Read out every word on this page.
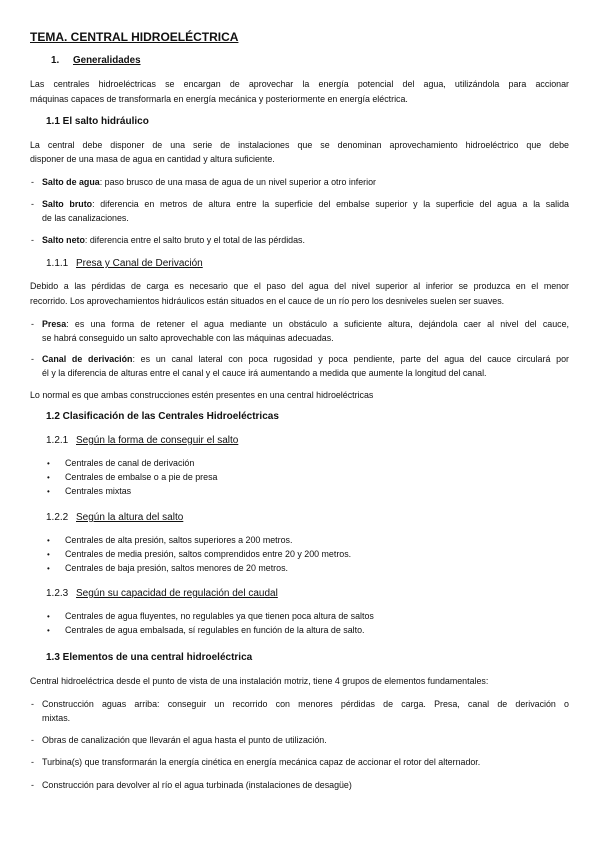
TEMA. CENTRAL HIDROELÉCTRICA
1. Generalidades
Las centrales hidroeléctricas se encargan de aprovechar la energía potencial del agua, utilizándola para accionar
máquinas capaces de transformarla en energía mecánica y posteriormente en energía eléctrica.
1.1 El salto hidráulico
La central debe disponer de una serie de instalaciones que se denominan aprovechamiento hidroeléctrico que debe
disponer de una masa de agua en cantidad y altura suficiente.
- Salto de agua: paso brusco de una masa de agua de un nivel superior a otro inferior
- Salto bruto: diferencia en metros de altura entre la superficie del embalse superior y la superficie del agua a la salida
de las canalizaciones.
- Salto neto: diferencia entre el salto bruto y el total de las pérdidas.
1.1.1 Presa y Canal de Derivación
Debido a las pérdidas de carga es necesario que el paso del agua del nivel superior al inferior se produzca en el menor
recorrido. Los aprovechamientos hidráulicos están situados en el cauce de un río pero los desniveles suelen ser suaves.
- Presa: es una forma de retener el agua mediante un obstáculo a suficiente altura, dejándola caer al nivel del cauce,
se habrá conseguido un salto aprovechable con las máquinas adecuadas.
- Canal de derivación: es un canal lateral con poca rugosidad y poca pendiente, parte del agua del cauce circulará por
él y la diferencia de alturas entre el canal y el cauce irá aumentando a medida que aumente la longitud del canal.
Lo normal es que ambas construcciones estén presentes en una central hidroeléctricas
1.2 Clasificación de las Centrales Hidroeléctricas
1.2.1 Según la forma de conseguir el salto
• Centrales de canal de derivación
• Centrales de embalse o a pie de presa
• Centrales mixtas
1.2.2 Según la altura del salto
• Centrales de alta presión, saltos superiores a 200 metros.
• Centrales de media presión, saltos comprendidos entre 20 y 200 metros.
• Centrales de baja presión, saltos menores de 20 metros.
1.2.3 Según su capacidad de regulación del caudal
• Centrales de agua fluyentes, no regulables ya que tienen poca altura de saltos
• Centrales de agua embalsada, sí regulables en función de la altura de salto.
1.3 Elementos de una central hidroeléctrica
Central hidroeléctrica desde el punto de vista de una instalación motriz, tiene 4 grupos de elementos fundamentales:
- Construcción aguas arriba: conseguir un recorrido con menores pérdidas de carga. Presa, canal de derivación o
mixtas.
- Obras de canalización que llevarán el agua hasta el punto de utilización.
- Turbina(s) que transformarán la energía cinética en energía mecánica capaz de accionar el rotor del alternador.
- Construcción para devolver al río el agua turbinada (instalaciones de desagüe)
